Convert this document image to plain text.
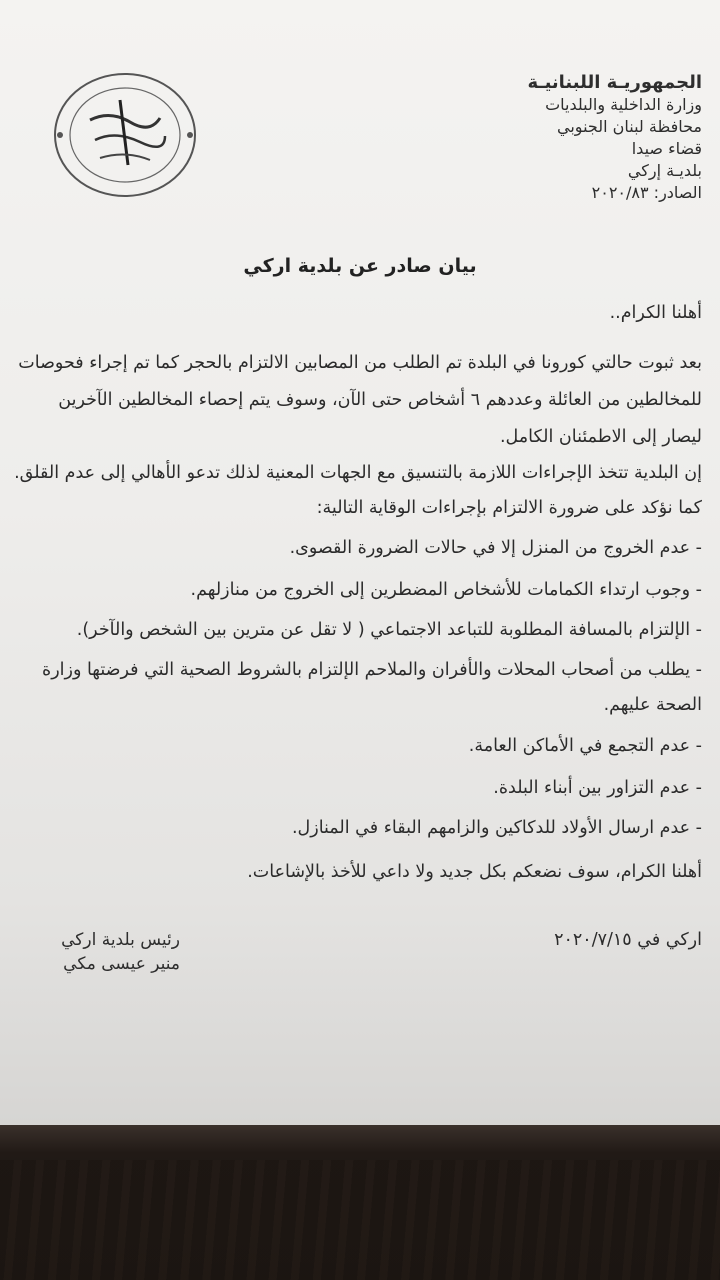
الجمهوريـة اللبنانيـة
وزارة الداخلية والبلديات
محافظة لبنان الجنوبي
قضاء صيدا
بلديـة إركي
الصادر: ٢٠٢٠/٨٣
بيان صادر عن بلدية اركي
أهلنا الكرام..
بعد ثبوت حالتي كورونا في البلدة تم الطلب من المصابين الالتزام بالحجر كما تم إجراء فحوصات
للمخالطين من العائلة وعددهم ٦ أشخاص حتى الآن، وسوف يتم إحصاء المخالطين الآخرين
ليصار إلى الاطمئنان الكامل.
إن البلدية تتخذ الإجراءات اللازمة بالتنسيق مع الجهات المعنية لذلك تدعو الأهالي إلى عدم القلق.
كما نؤكد على ضرورة الالتزام بإجراءات الوقاية التالية:
- عدم الخروج من المنزل إلا في حالات الضرورة القصوى.
- وجوب ارتداء الكمامات للأشخاص المضطرين إلى الخروج من منازلهم.
- الإلتزام بالمسافة المطلوبة للتباعد الاجتماعي ( لا تقل عن مترين بين الشخص والآخر).
- يطلب من أصحاب المحلات والأفران والملاحم الإلتزام بالشروط الصحية التي فرضتها وزارة
الصحة عليهم.
- عدم التجمع في الأماكن العامة.
- عدم التزاور بين أبناء البلدة.
- عدم ارسال الأولاد للدكاكين والزامهم البقاء في المنازل.
أهلنا الكرام، سوف نضعكم بكل جديد ولا داعي للأخذ بالإشاعات.
اركي في ٢٠٢٠/٧/١٥
رئيس بلدية اركي
منير عيسى مكي
